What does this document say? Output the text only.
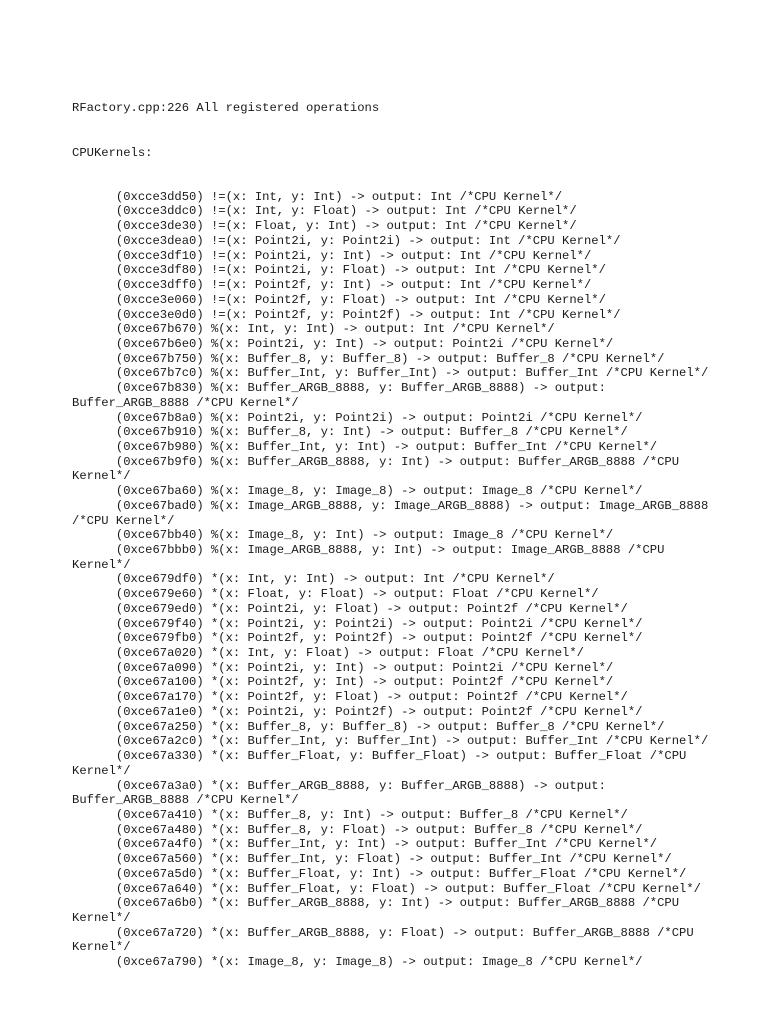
RFactory.cpp:226 All registered operations

CPUKernels:

(0xcce3dd50) !=(x: Int, y: Int) -> output: Int /*CPU Kernel*/
(0xcce3ddc0) !=(x: Int, y: Float) -> output: Int /*CPU Kernel*/
(0xcce3de30) !=(x: Float, y: Int) -> output: Int /*CPU Kernel*/
(0xcce3dea0) !=(x: Point2i, y: Point2i) -> output: Int /*CPU Kernel*/
(0xcce3df10) !=(x: Point2i, y: Int) -> output: Int /*CPU Kernel*/
(0xcce3df80) !=(x: Point2i, y: Float) -> output: Int /*CPU Kernel*/
(0xcce3dff0) !=(x: Point2f, y: Int) -> output: Int /*CPU Kernel*/
(0xcce3e060) !=(x: Point2f, y: Float) -> output: Int /*CPU Kernel*/
(0xcce3e0d0) !=(x: Point2f, y: Point2f) -> output: Int /*CPU Kernel*/
(0xce67b670) %(x: Int, y: Int) -> output: Int /*CPU Kernel*/
(0xce67b6e0) %(x: Point2i, y: Int) -> output: Point2i /*CPU Kernel*/
(0xce67b750) %(x: Buffer_8, y: Buffer_8) -> output: Buffer_8 /*CPU Kernel*/
(0xce67b7c0) %(x: Buffer_Int, y: Buffer_Int) -> output: Buffer_Int /*CPU Kernel*/
(0xce67b830) %(x: Buffer_ARGB_8888, y: Buffer_ARGB_8888) -> output: Buffer_ARGB_8888 /*CPU Kernel*/
(0xce67b8a0) %(x: Point2i, y: Point2i) -> output: Point2i /*CPU Kernel*/
(0xce67b910) %(x: Buffer_8, y: Int) -> output: Buffer_8 /*CPU Kernel*/
(0xce67b980) %(x: Buffer_Int, y: Int) -> output: Buffer_Int /*CPU Kernel*/
(0xce67b9f0) %(x: Buffer_ARGB_8888, y: Int) -> output: Buffer_ARGB_8888 /*CPU Kernel*/
(0xce67ba60) %(x: Image_8, y: Image_8) -> output: Image_8 /*CPU Kernel*/
(0xce67bad0) %(x: Image_ARGB_8888, y: Image_ARGB_8888) -> output: Image_ARGB_8888 /*CPU Kernel*/
(0xce67bb40) %(x: Image_8, y: Int) -> output: Image_8 /*CPU Kernel*/
(0xce67bbb0) %(x: Image_ARGB_8888, y: Int) -> output: Image_ARGB_8888 /*CPU Kernel*/
(0xce679df0) *(x: Int, y: Int) -> output: Int /*CPU Kernel*/
(0xce679e60) *(x: Float, y: Float) -> output: Float /*CPU Kernel*/
(0xce679ed0) *(x: Point2i, y: Float) -> output: Point2f /*CPU Kernel*/
(0xce679f40) *(x: Point2i, y: Point2i) -> output: Point2i /*CPU Kernel*/
(0xce679fb0) *(x: Point2f, y: Point2f) -> output: Point2f /*CPU Kernel*/
(0xce67a020) *(x: Int, y: Float) -> output: Float /*CPU Kernel*/
(0xce67a090) *(x: Point2i, y: Int) -> output: Point2i /*CPU Kernel*/
(0xce67a100) *(x: Point2f, y: Int) -> output: Point2f /*CPU Kernel*/
(0xce67a170) *(x: Point2f, y: Float) -> output: Point2f /*CPU Kernel*/
(0xce67a1e0) *(x: Point2i, y: Point2f) -> output: Point2f /*CPU Kernel*/
(0xce67a250) *(x: Buffer_8, y: Buffer_8) -> output: Buffer_8 /*CPU Kernel*/
(0xce67a2c0) *(x: Buffer_Int, y: Buffer_Int) -> output: Buffer_Int /*CPU Kernel*/
(0xce67a330) *(x: Buffer_Float, y: Buffer_Float) -> output: Buffer_Float /*CPU Kernel*/
(0xce67a3a0) *(x: Buffer_ARGB_8888, y: Buffer_ARGB_8888) -> output: Buffer_ARGB_8888 /*CPU Kernel*/
(0xce67a410) *(x: Buffer_8, y: Int) -> output: Buffer_8 /*CPU Kernel*/
(0xce67a480) *(x: Buffer_8, y: Float) -> output: Buffer_8 /*CPU Kernel*/
(0xce67a4f0) *(x: Buffer_Int, y: Int) -> output: Buffer_Int /*CPU Kernel*/
(0xce67a560) *(x: Buffer_Int, y: Float) -> output: Buffer_Int /*CPU Kernel*/
(0xce67a5d0) *(x: Buffer_Float, y: Int) -> output: Buffer_Float /*CPU Kernel*/
(0xce67a640) *(x: Buffer_Float, y: Float) -> output: Buffer_Float /*CPU Kernel*/
(0xce67a6b0) *(x: Buffer_ARGB_8888, y: Int) -> output: Buffer_ARGB_8888 /*CPU Kernel*/
(0xce67a720) *(x: Buffer_ARGB_8888, y: Float) -> output: Buffer_ARGB_8888 /*CPU Kernel*/
(0xce67a790) *(x: Image_8, y: Image_8) -> output: Image_8 /*CPU Kernel*/
